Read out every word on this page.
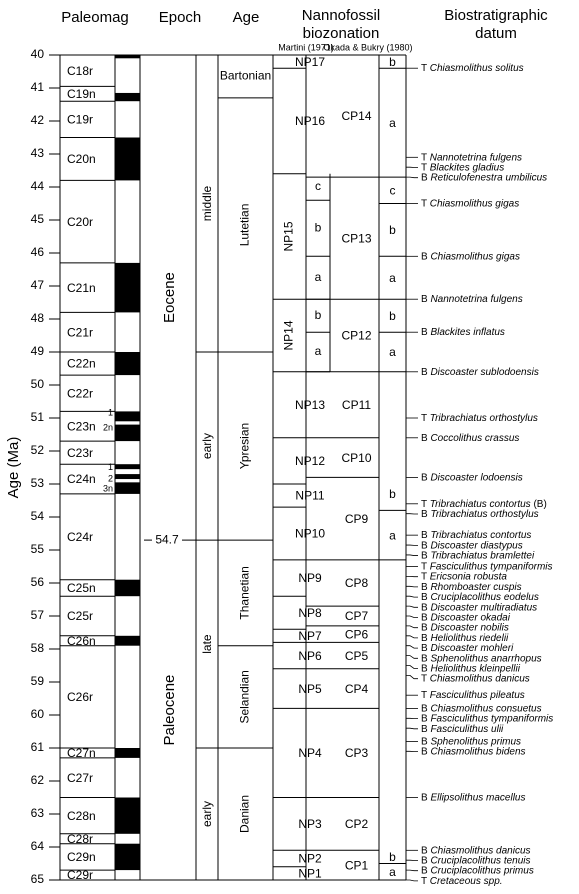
Paleomag Epoch Age	Nannofossil
biozonation
Biostratigraphic
datum
Martini (1971)
Okada & Bukry (1980)
Age (Ma)
40
41
42
43
44
45
46
47
48
49
50
51
52
53
54
55
56
57
58
59
60
61
62
63
64
65
C18r
C19n
C19r
C20n
C20r
C21n
C21r
C22n
C22r
C23n
C23r
C24n
C24r
C25n
C25r
C26n
C26r
C27n
C27r
C28n
C28r
C29n
C29r
1
2n
1
2
3n
Eocene
Paleocene
54.7
middle
early
late
early
Bartonian
Lutetian
Ypresian
Thanetian
Selandian
Danian
NP17
NP16
NP15
NP14
NP13
NP12
NP11
NP10
NP9
NP8
NP7
NP6
NP5
NP4
NP3
NP2
NP1
c
b
a
b
a
CP14
CP13
CP12
CP11
CP10
CP9
CP8
CP7
CP6
CP5
CP4
CP3
CP2
CP1
b
a
c
b
a
b
a
b
a
b
a
T Chiasmolithus solitus
T Nannotetrina fulgens
T Blackites gladius
B Reticulofenestra umbilicus
T Chiasmolithus gigas
B Chiasmolithus gigas
B Nannotetrina fulgens
B Blackites inflatus
B Discoaster sublodoensis
T Tribrachiatus orthostylus
B Coccolithus crassus
B Discoaster lodoensis
T Tribrachiatus contortus (B)
B Tribrachiatus orthostylus
B Tribrachiatus contortus
B Discoaster diastypus
B Tribrachiatus bramlettei
T Fasciculithus tympaniformis
T Ericsonia robusta
B Rhomboaster cuspis
B Cruciplacolithus eodelus
B Discoaster multiradiatus
B Discoaster okadai
B Discoaster nobilis
B Heliolithus riedelii
B Discoaster mohleri
B Sphenolithus anarrhopus
B Heliolithus kleinpellii
T Chiasmolithus danicus
T Fasciculithus pileatus
B Chiasmolithus consuetus
B Fasciculithus tympaniformis
B Fasciculithus ulii
B Sphenolithus primus
B Chiasmolithus bidens
B Ellipsolithus macellus
B Chiasmolithus danicus
B Cruciplacolithus tenuis
B Cruciplacolithus primus
T Cretaceous spp.
